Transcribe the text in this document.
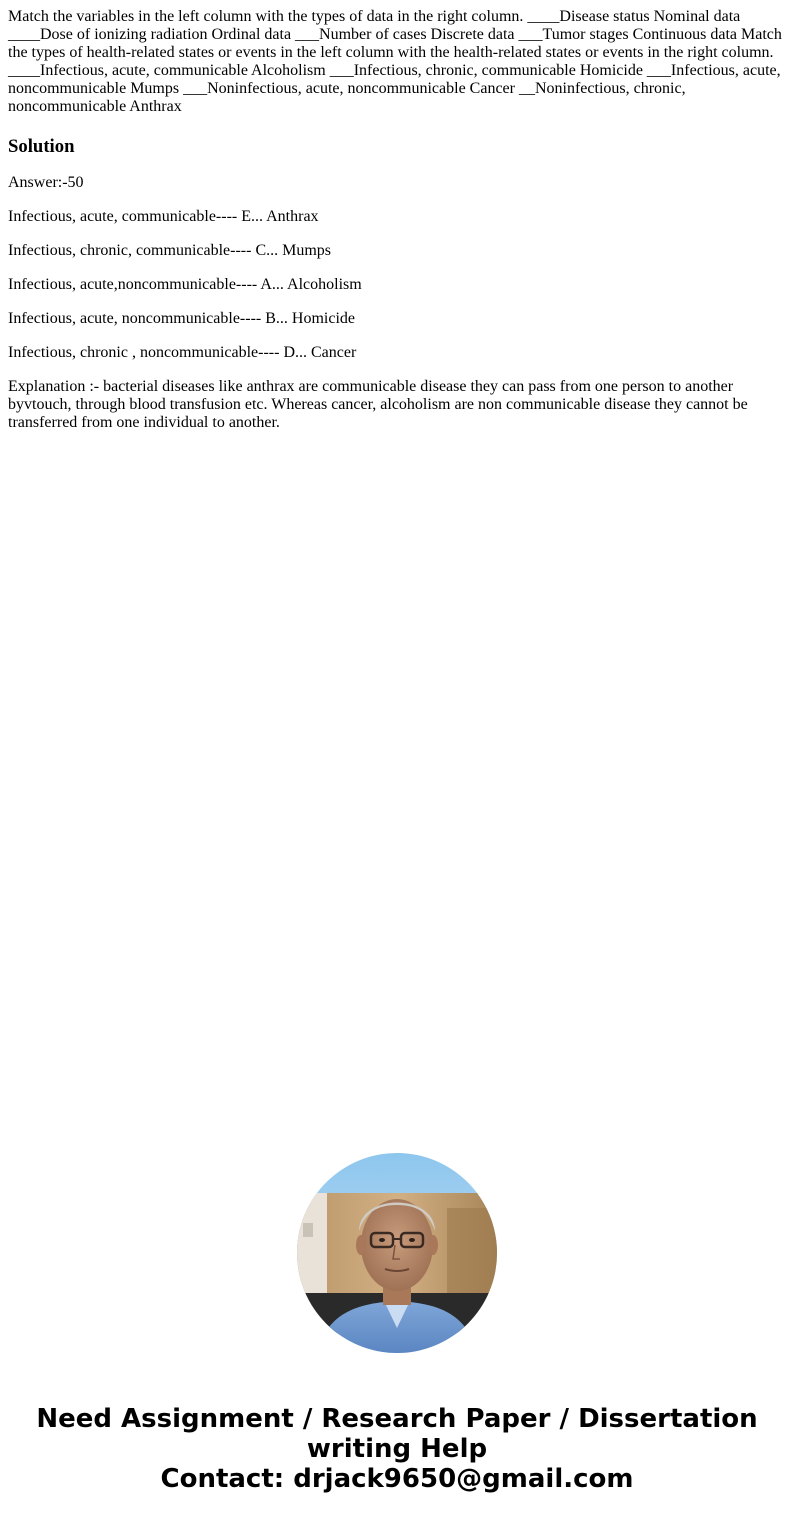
Match the variables in the left column with the types of data in the right column. ____Disease status Nominal data ____Dose of ionizing radiation Ordinal data ___Number of cases Discrete data ___Tumor stages Continuous data Match the types of health-related states or events in the left column with the health-related states or events in the right column. ____Infectious, acute, communicable Alcoholism ___Infectious, chronic, communicable Homicide ___Infectious, acute, noncommunicable Mumps ___Noninfectious, acute, noncommunicable Cancer __Noninfectious, chronic, noncommunicable Anthrax

Solution

Answer:-50

Infectious, acute, communicable---- E... Anthrax

Infectious, chronic, communicable---- C... Mumps

Infectious, acute,noncommunicable---- A... Alcoholism

Infectious, acute, noncommunicable---- B... Homicide

Infectious, chronic , noncommunicable---- D... Cancer

Explanation :- bacterial diseases like anthrax are communicable disease they can pass from one person to another byvtouch, through blood transfusion etc. Whereas cancer, alcoholism are non communicable disease they cannot be transferred from one individual to another.

Need Assignment / Research Paper / Dissertation
writing Help
Contact: drjack9650@gmail.com
